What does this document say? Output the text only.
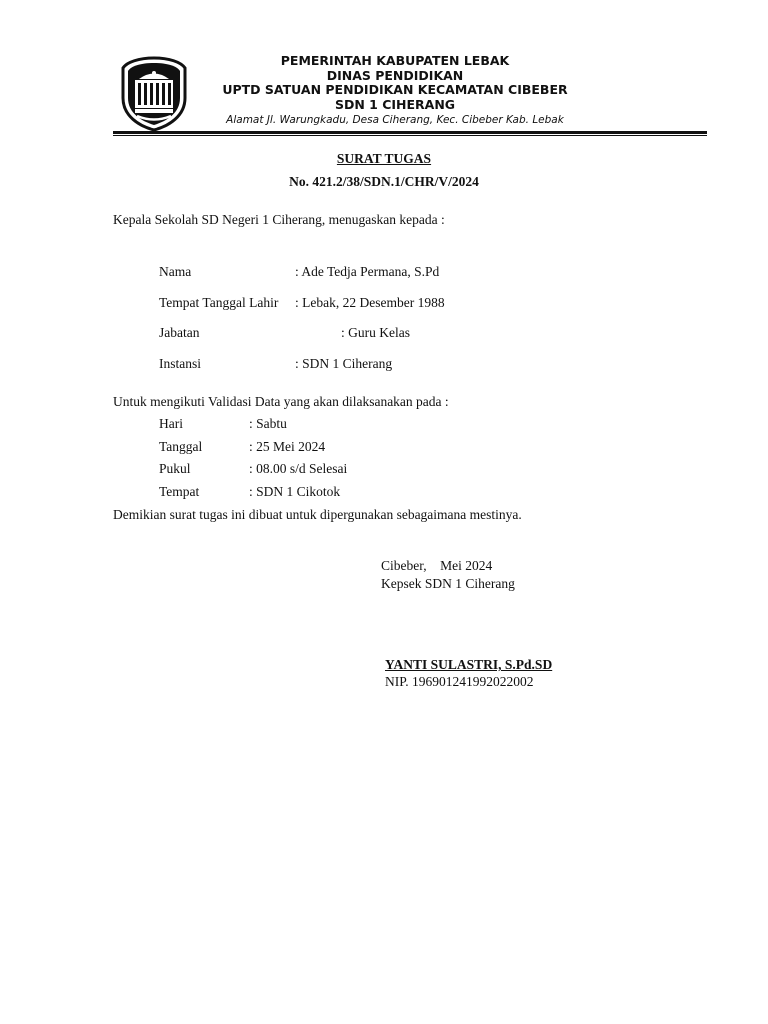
PEMERINTAH KABUPATEN LEBAK
DINAS PENDIDIKAN
UPTD SATUAN PENDIDIKAN KECAMATAN CIBEBER
SDN 1 CIHERANG
Alamat Jl. Warungkadu, Desa Ciherang, Kec. Cibeber Kab. Lebak
SURAT TUGAS
No. 421.2/38/SDN.1/CHR/V/2024
Kepala Sekolah SD Negeri 1 Ciherang, menugaskan kepada :
Nama	: Ade Tedja Permana, S.Pd
Tempat Tanggal Lahir : Lebak, 22 Desember 1988
Jabatan	: Guru Kelas
Instansi	: SDN 1 Ciherang
Untuk mengikuti Validasi Data yang akan dilaksanakan pada :
Hari	: Sabtu
Tanggal	: 25 Mei 2024
Pukul	: 08.00 s/d Selesai
Tempat	: SDN 1 Cikotok
Demikian surat tugas ini dibuat untuk dipergunakan sebagaimana mestinya.
Cibeber,    Mei 2024
Kepsek SDN 1 Ciherang
YANTI SULASTRI, S.Pd.SD
NIP. 196901241992022002
